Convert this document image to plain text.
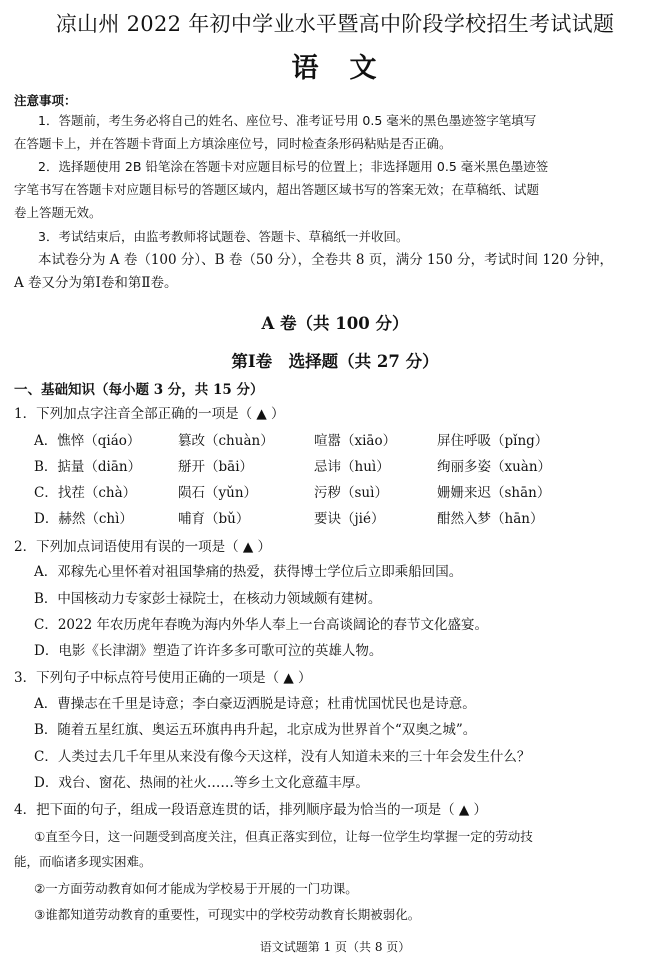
凉山州 2022 年初中学业水平暨高中阶段学校招生考试试题
语　文
注意事项：
1．答题前，考生务必将自己的姓名、座位号、准考证号用 0.5 毫米的黑色墨迹签字笔填写
在答题卡上，并在答题卡背面上方填涂座位号，同时检查条形码粘贴是否正确。
2．选择题使用 2B 铅笔涂在答题卡对应题目标号的位置上；非选择题用 0.5 毫米黑色墨迹签
字笔书写在答题卡对应题目标号的答题区域内，超出答题区域书写的答案无效；在草稿纸、试题
卷上答题无效。
3．考试结束后，由监考教师将试题卷、答题卡、草稿纸一并收回。
本试卷分为 A 卷（100 分）、B 卷（50 分），全卷共 8 页，满分 150 分，考试时间 120 分钟，
A 卷又分为第Ⅰ卷和第Ⅱ卷。
A 卷（共 100 分）
第Ⅰ卷　选择题（共 27 分）
一、基础知识（每小题 3 分，共 15 分）
1．下列加点字注音全部正确的一项是（ ▲ ）
A．憔悴（qiáo）	篡改（chuàn）	喧嚣（xiāo）	屏住呼吸（pǐng）
B．掂量（diān）	掰开（bāi）	忌讳（huì）	绚丽多姿（xuàn）
C．找茬（chà）	陨石（yǔn）	污秽（suì）	姗姗来迟（shān）
D．赫然（chì）	哺育（bǔ）	要诀（jié）	酣然入梦（hān）
2．下列加点词语使用有误的一项是（ ▲ ）
A．邓稼先心里怀着对祖国挚痛的热爱，获得博士学位后立即乘船回国。
B．中国核动力专家彭士禄院士，在核动力领域颇有建树。
C．2022 年农历虎年春晚为海内外华人奉上一台高谈阔论的春节文化盛宴。
D．电影《长津湖》塑造了许许多多可歌可泣的英雄人物。
3．下列句子中标点符号使用正确的一项是（ ▲ ）
A．曹操志在千里是诗意；李白豪迈洒脱是诗意；杜甫忧国忧民也是诗意。
B．随着五星红旗、奥运五环旗冉冉升起，北京成为世界首个“双奥之城”。
C．人类过去几千年里从来没有像今天这样，没有人知道未来的三十年会发生什么？
D．戏台、窗花、热闹的社火……等乡土文化意蕴丰厚。
4．把下面的句子，组成一段语意连贯的话，排列顺序最为恰当的一项是（ ▲ ）
①直至今日，这一问题受到高度关注，但真正落实到位，让每一位学生均掌握一定的劳动技
能，而临诸多现实困难。
②一方面劳动教育如何才能成为学校易于开展的一门功课。
③谁都知道劳动教育的重要性，可现实中的学校劳动教育长期被弱化。
语文试题第 1 页（共 8 页）
